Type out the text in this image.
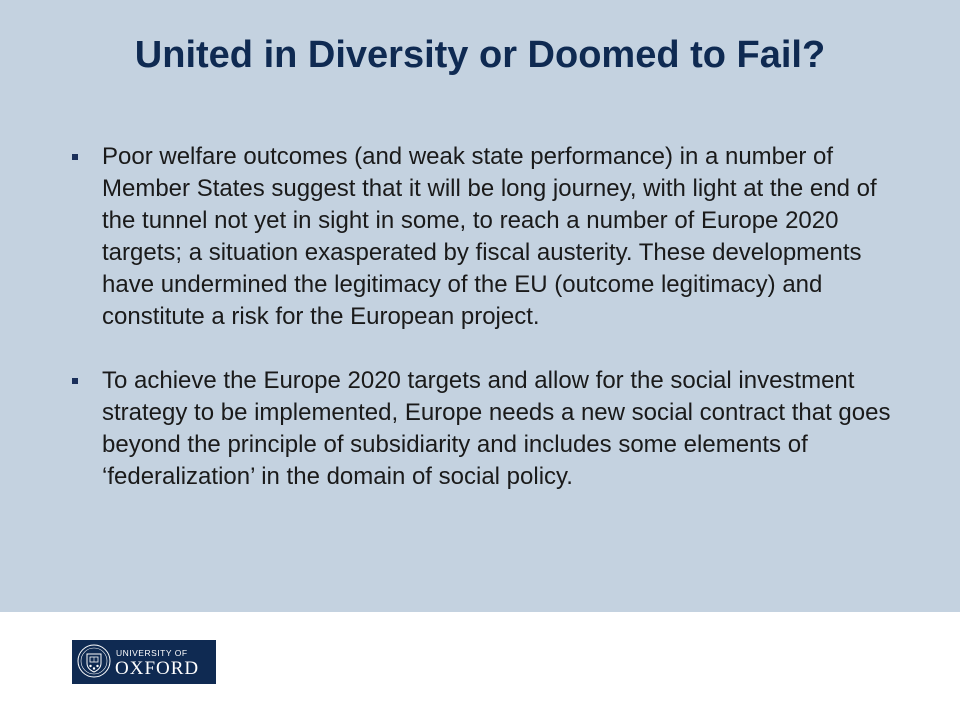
United in Diversity or Doomed to Fail?
Poor welfare outcomes (and weak state performance) in a number of Member States suggest that it will be long journey, with light at the end of the tunnel not yet in sight in some, to reach a number of Europe 2020 targets; a situation exasperated by fiscal austerity. These developments have undermined the legitimacy of the EU (outcome legitimacy) and constitute a risk for the European project.
To achieve the Europe 2020 targets and allow for the social investment strategy to be implemented, Europe needs a new social contract that goes beyond the principle of subsidiarity and includes some elements of ‘federalization’ in the domain of social policy.
UNIVERSITY OF
OXFORD
